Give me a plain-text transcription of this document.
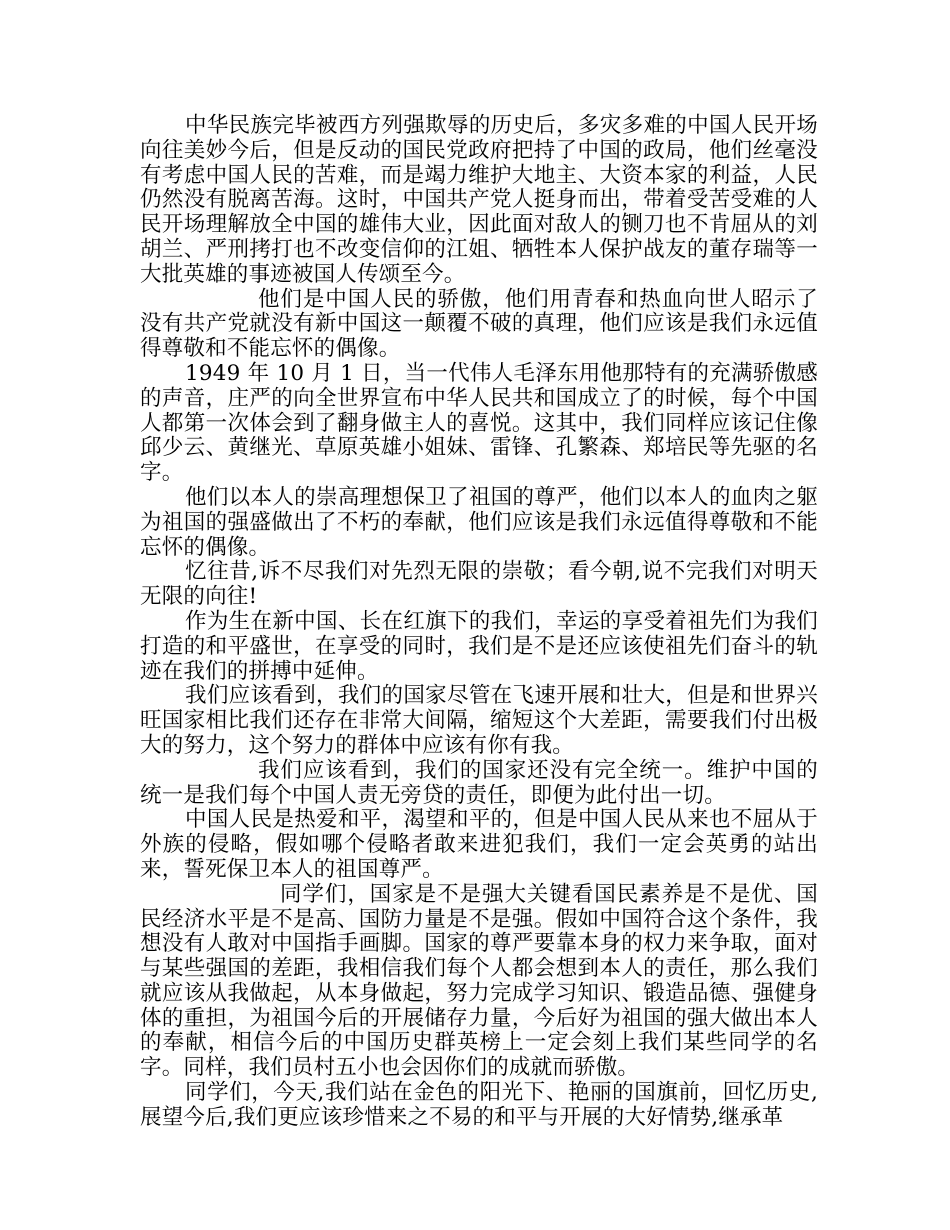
中华民族完毕被西方列强欺辱的历史后，多灾多难的中国人民开场向往美妙今后，但是反动的国民党政府把持了中国的政局，他们丝毫没有考虑中国人民的苦难，而是竭力维护大地主、大资本家的利益，人民仍然没有脱离苦海。这时，中国共产党人挺身而出，带着受苦受难的人民开场理解放全中国的雄伟大业，因此面对敌人的铡刀也不肯屈从的刘胡兰、严刑拷打也不改变信仰的江姐、牺牲本人保护战友的董存瑞等一大批英雄的事迹被国人传颂至今。

他们是中国人民的骄傲，他们用青春和热血向世人昭示了没有共产党就没有新中国这一颠覆不破的真理，他们应该是我们永远值得尊敬和不能忘怀的偶像。

1949 年 10 月 1 日，当一代伟人毛泽东用他那特有的充满骄傲感的声音，庄严的向全世界宣布中华人民共和国成立了的时候，每个中国人都第一次体会到了翻身做主人的喜悦。这其中，我们同样应该记住像邱少云、黄继光、草原英雄小姐妹、雷锋、孔繁森、郑培民等先驱的名字。

他们以本人的崇高理想保卫了祖国的尊严，他们以本人的血肉之躯为祖国的强盛做出了不朽的奉献，他们应该是我们永远值得尊敬和不能忘怀的偶像。

忆往昔,诉不尽我们对先烈无限的崇敬；看今朝,说不完我们对明天无限的向往!

作为生在新中国、长在红旗下的我们，幸运的享受着祖先们为我们打造的和平盛世，在享受的同时，我们是不是还应该使祖先们奋斗的轨迹在我们的拼搏中延伸。

我们应该看到，我们的国家尽管在飞速开展和壮大，但是和世界兴旺国家相比我们还存在非常大间隔，缩短这个大差距，需要我们付出极大的努力，这个努力的群体中应该有你有我。

我们应该看到，我们的国家还没有完全统一。维护中国的统一是我们每个中国人责无旁贷的责任，即便为此付出一切。

中国人民是热爱和平，渴望和平的，但是中国人民从来也不屈从于外族的侵略，假如哪个侵略者敢来进犯我们，我们一定会英勇的站出来，誓死保卫本人的祖国尊严。

同学们，国家是不是强大关键看国民素养是不是优、国民经济水平是不是高、国防力量是不是强。假如中国符合这个条件，我想没有人敢对中国指手画脚。国家的尊严要靠本身的权力来争取，面对与某些强国的差距，我相信我们每个人都会想到本人的责任，那么我们就应该从我做起，从本身做起，努力完成学习知识、锻造品德、强健身体的重担，为祖国今后的开展储存力量，今后好为祖国的强大做出本人的奉献，相信今后的中国历史群英榜上一定会刻上我们某些同学的名字。同样，我们员村五小也会因你们的成就而骄傲。

同学们，今天,我们站在金色的阳光下、艳丽的国旗前，回忆历史,展望今后,我们更应该珍惜来之不易的和平与开展的大好情势,继承革
